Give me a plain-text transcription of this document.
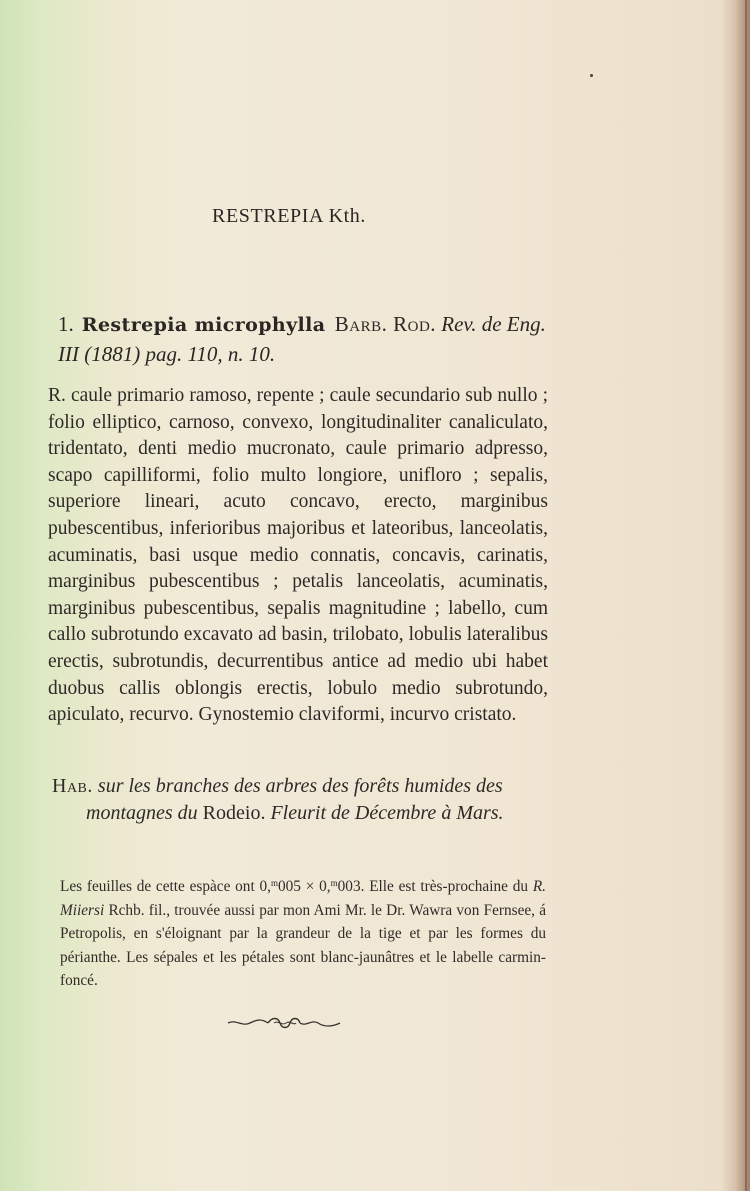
RESTREPIA Kth.
1. Restrepia microphylla Barb. Rod. Rev. de Eng. III (1881) pag. 110, n. 10.
R. caule primario ramoso, repente ; caule secundario sub nullo ; folio elliptico, carnoso, convexo, longitudinaliter canaliculato, tridentato, denti medio mucronato, caule primario adpresso, scapo capilliformi, folio multo longiore, unifloro ; sepalis, superiore lineari, acuto concavo, erecto, marginibus pubescentibus, inferioribus majoribus et lateoribus, lanceolatis, acuminatis, basi usque medio connatis, concavis, carinatis, marginibus pubescentibus ; petalis lanceolatis, acuminatis, marginibus pubescentibus, sepalis magnitudine ; labello, cum callo subrotundo excavato ad basin, trilobato, lobulis lateralibus erectis, subrotundis, decurrentibus antice ad medio ubi habet duobus callis oblongis erectis, lobulo medio subrotundo, apiculato, recurvo. Gynostemio claviformi, incurvo cristato.
Hab. sur les branches des arbres des forêts humides des montagnes du Rodeio. Fleurit de Décembre à Mars.
Les feuilles de cette espàce ont 0,$^m$005 × 0,$^m$003. Elle est très-prochaine du R. Miiersi Rchb. fil., trouvée aussi par mon Ami Mr. le Dr. Wawra von Fernsee, á Petropolis, en s'éloignant par la grandeur de la tige et par les formes du périanthe. Les sépales et les pétales sont blanc-jaunâtres et le labelle carmin-foncé.
